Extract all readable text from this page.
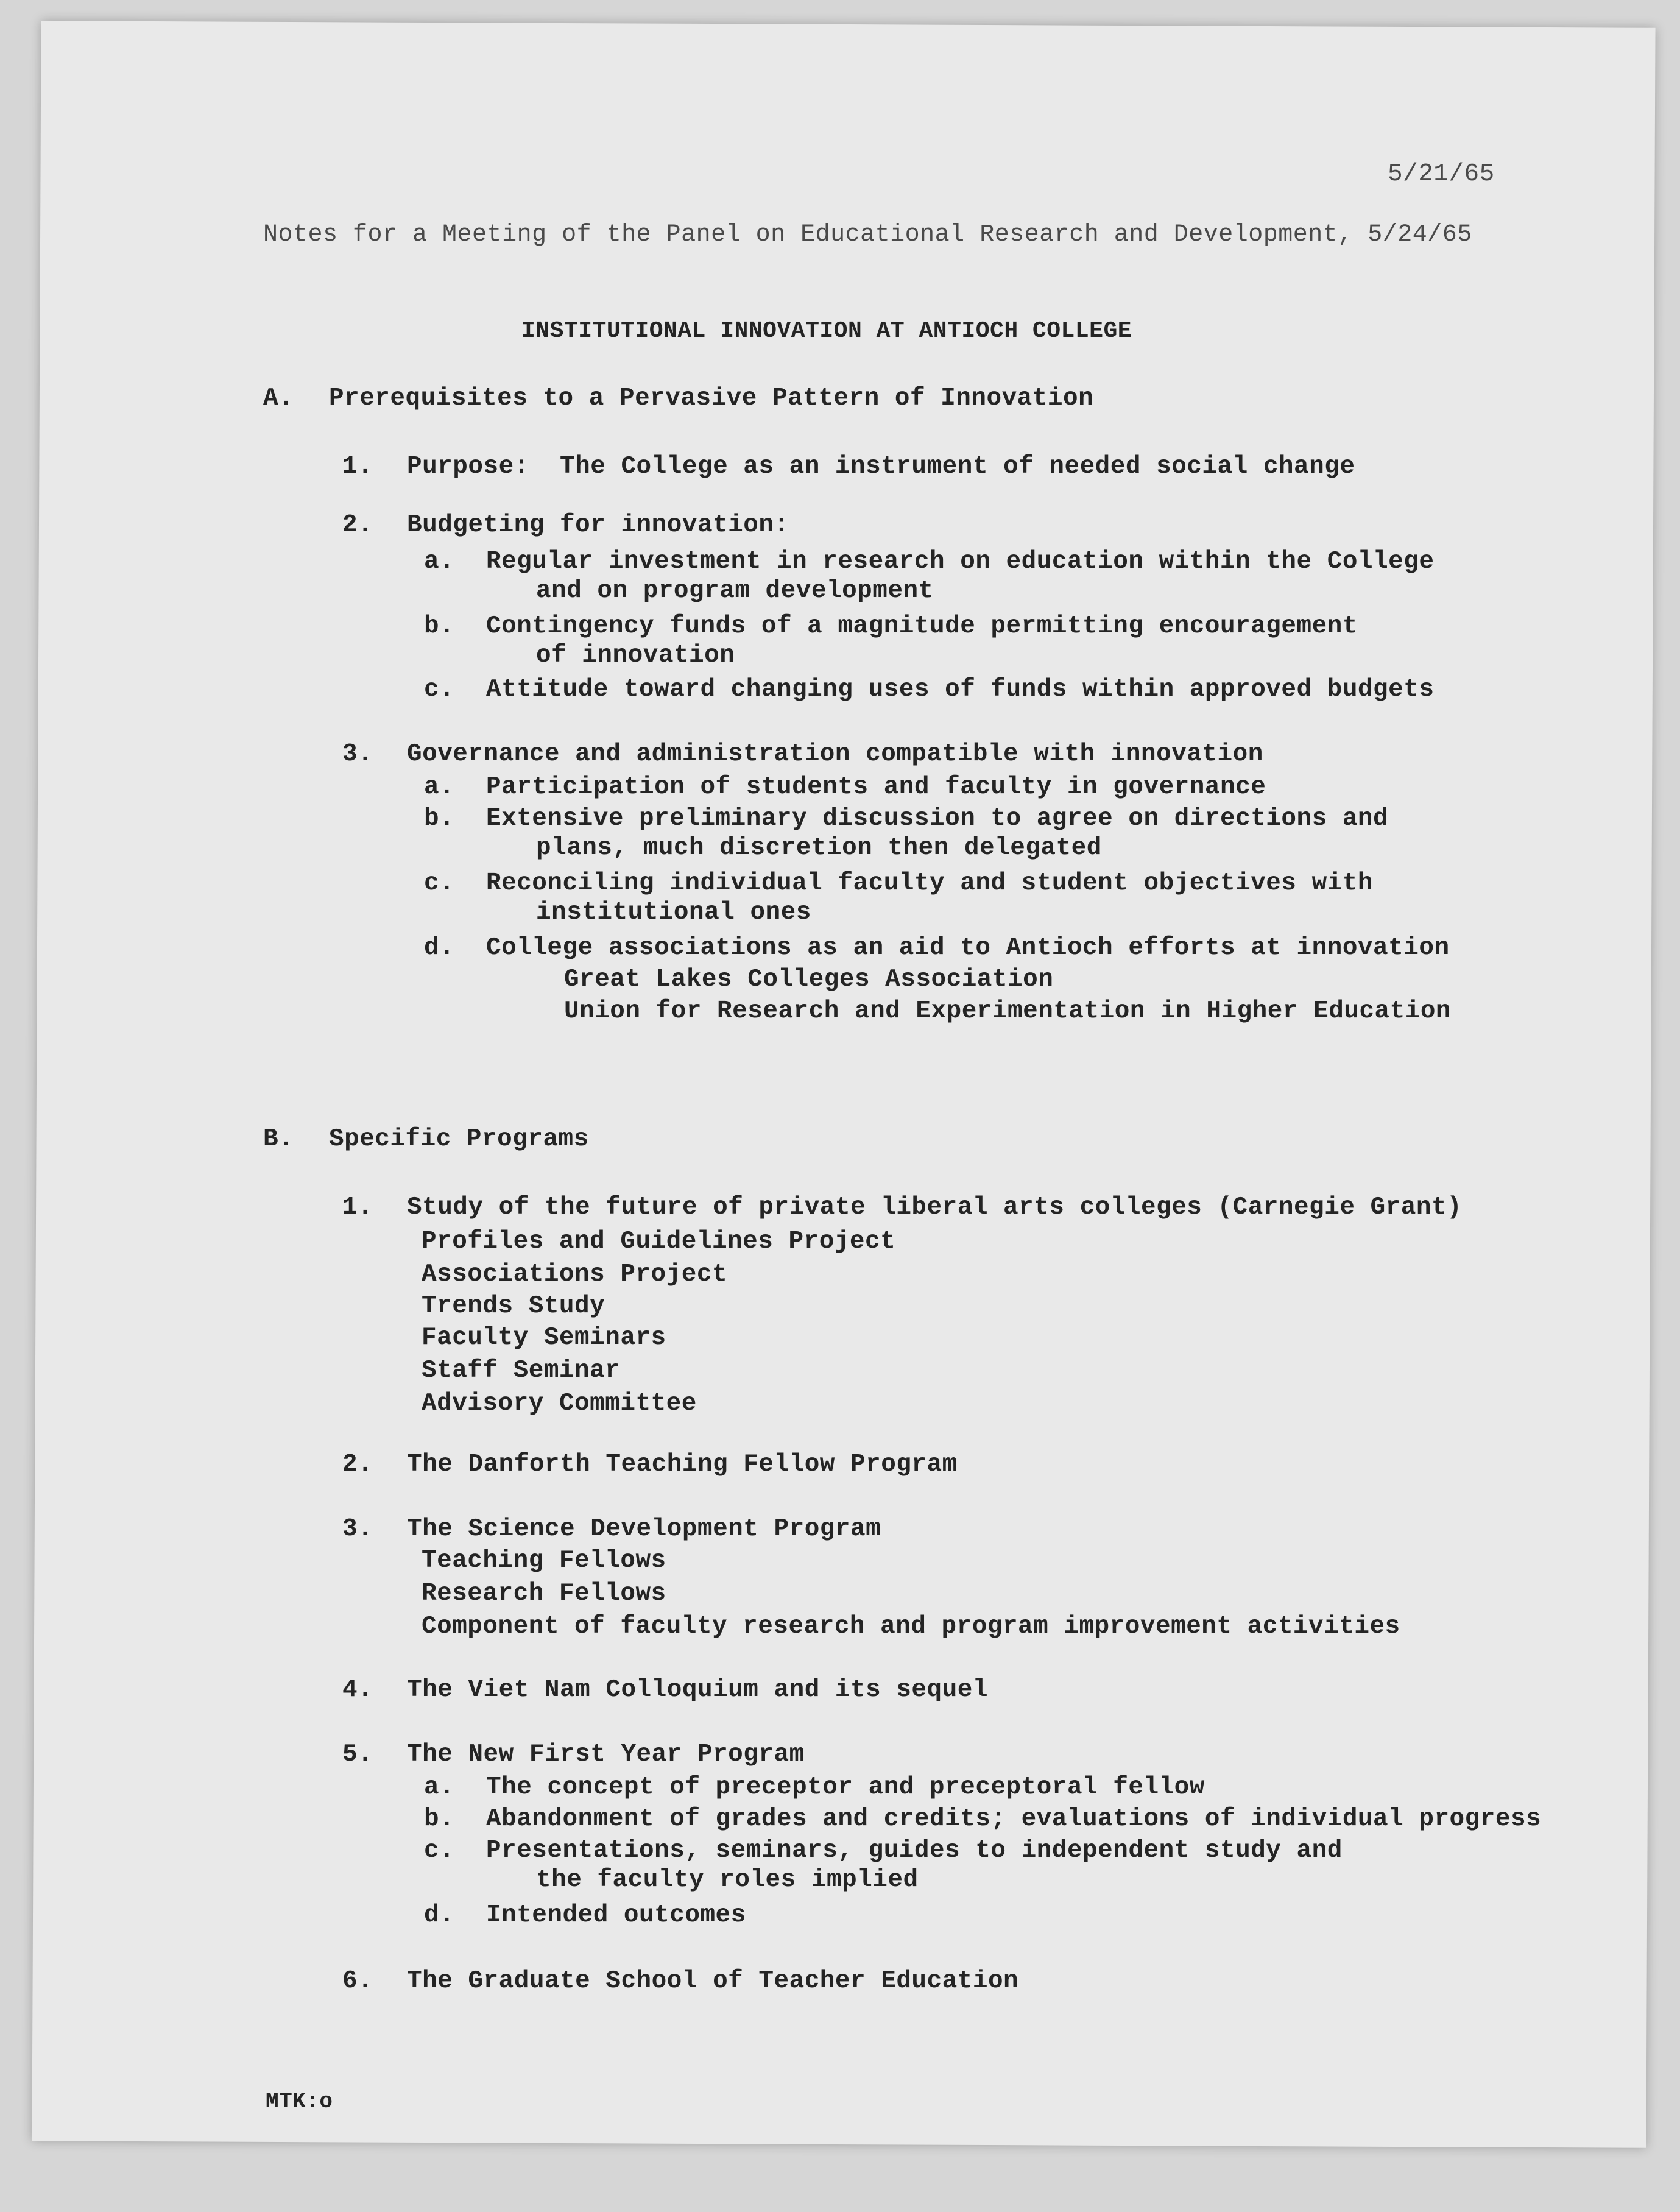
5/21/65
Notes for a Meeting of the Panel on Educational Research and Development, 5/24/65
INSTITUTIONAL INNOVATION AT ANTIOCH COLLEGE
A. Prerequisites to a Pervasive Pattern of Innovation
1. Purpose:  The College as an instrument of needed social change
2. Budgeting for innovation:
a. Regular investment in research on education within the College
and on program development
b. Contingency funds of a magnitude permitting encouragement
of innovation
c. Attitude toward changing uses of funds within approved budgets
3. Governance and administration compatible with innovation
a. Participation of students and faculty in governance
b. Extensive preliminary discussion to agree on directions and
plans, much discretion then delegated
c. Reconciling individual faculty and student objectives with
institutional ones
d. College associations as an aid to Antioch efforts at innovation
Great Lakes Colleges Association
Union for Research and Experimentation in Higher Education
B. Specific Programs
1. Study of the future of private liberal arts colleges (Carnegie Grant)
Profiles and Guidelines Project
Associations Project
Trends Study
Faculty Seminars
Staff Seminar
Advisory Committee
2. The Danforth Teaching Fellow Program
3. The Science Development Program
Teaching Fellows
Research Fellows
Component of faculty research and program improvement activities
4. The Viet Nam Colloquium and its sequel
5. The New First Year Program
a. The concept of preceptor and preceptoral fellow
b. Abandonment of grades and credits; evaluations of individual progress
c. Presentations, seminars, guides to independent study and
the faculty roles implied
d. Intended outcomes
6. The Graduate School of Teacher Education
MTK:o
